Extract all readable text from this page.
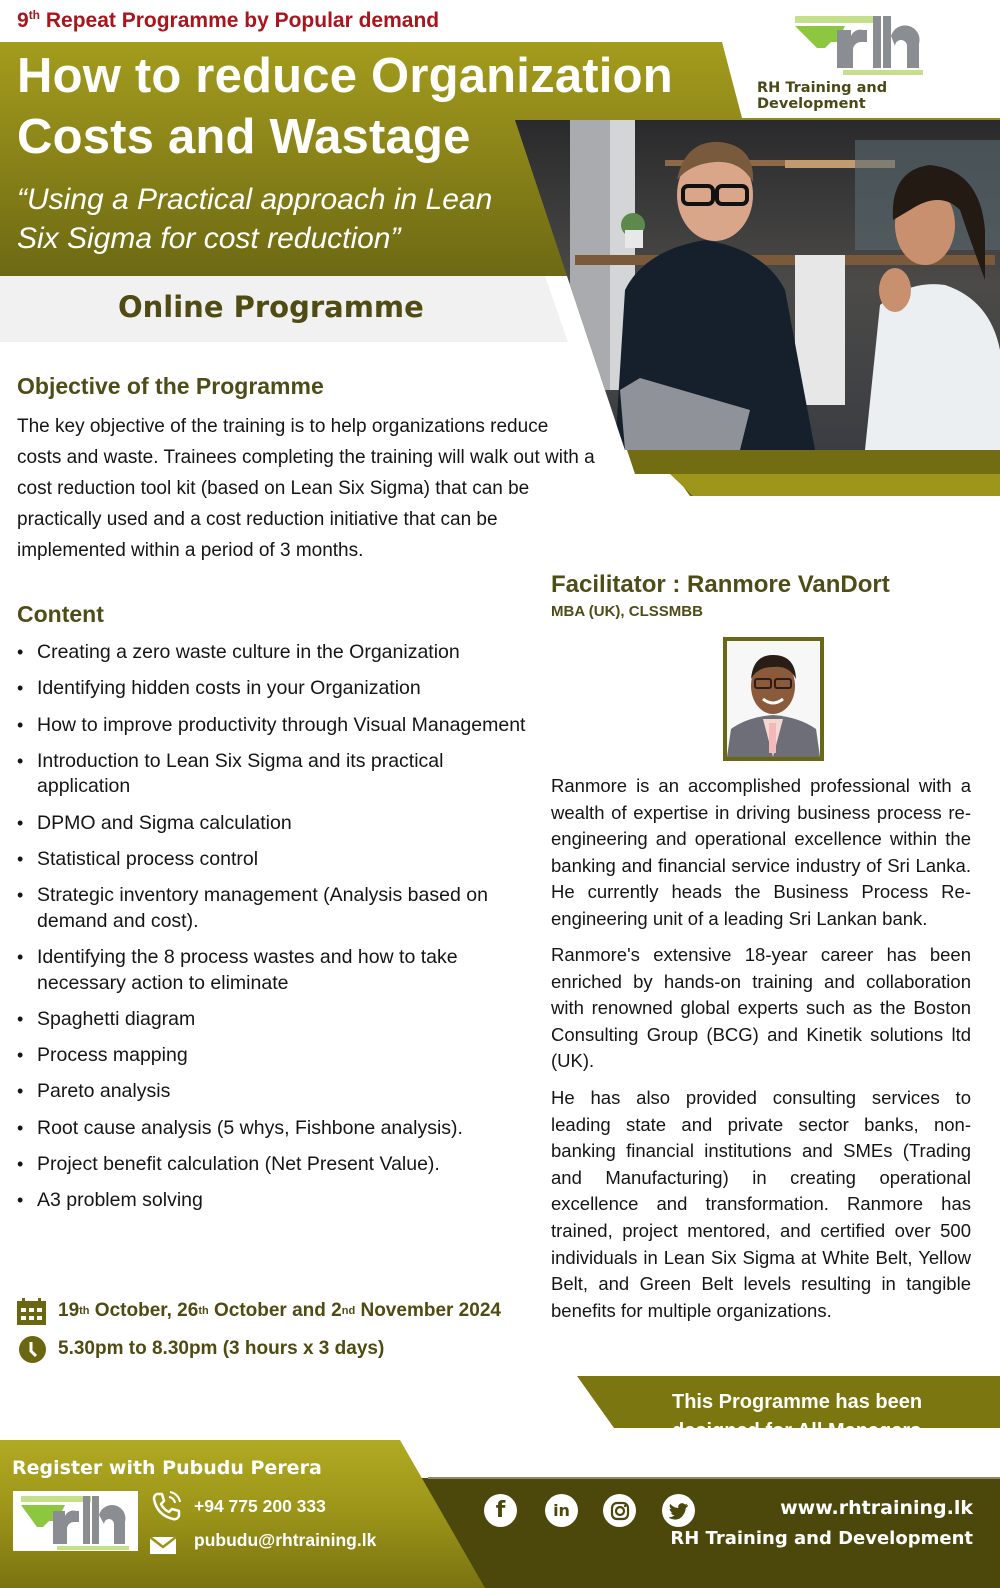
9th Repeat Programme by Popular demand
RH Training and Development
How to reduce Organization
Costs and Wastage
“Using a Practical approach in Lean
Six Sigma for cost reduction”
Online Programme
Objective of the Programme
The key objective of the training is to help organizations reduce costs and waste. Trainees completing the training will walk out with a cost reduction tool kit (based on Lean Six Sigma) that can be practically used and a cost reduction initiative that can be implemented within a period of 3 months.
Content
• Creating a zero waste culture in the Organization
• Identifying hidden costs in your Organization
• How to improve productivity through Visual Management
• Introduction to Lean Six Sigma and its practical application
• DPMO and Sigma calculation
• Statistical process control
• Strategic inventory management (Analysis based on demand and cost).
• Identifying the 8 process wastes and how to take necessary action to eliminate
• Spaghetti diagram
• Process mapping
• Pareto analysis
• Root cause analysis (5 whys, Fishbone analysis).
• Project benefit calculation (Net Present Value).
• A3 problem solving
19 th October, 26 th October and 2 nd November 2024
5.30pm to 8.30pm (3 hours x 3 days)
Facilitator : Ranmore VanDort
MBA (UK), CLSSMBB
Ranmore is an accomplished professional with a wealth of expertise in driving business process re-engineering and operational excellence within the banking and financial service industry of Sri Lanka. He currently heads the Business Process Re-engineering unit of a leading Sri Lankan bank.
Ranmore's extensive 18-year career has been enriched by hands-on training and collaboration with renowned global experts such as the Boston Consulting Group (BCG) and Kinetik solutions ltd (UK).
He has also provided consulting services to leading state and private sector banks, non-banking financial institutions and SMEs (Trading and Manufacturing) in creating operational excellence and transformation. Ranmore has trained, project mentored, and certified over 500 individuals in Lean Six Sigma at White Belt, Yellow Belt, and Green Belt levels resulting in tangible benefits for multiple organizations.
This Programme has been
designed for All Managers
Register with Pubudu Perera
+94 775 200 333
pubudu@rhtraining.lk
f	in	www.rhtraining.lk
RH Training and Development
